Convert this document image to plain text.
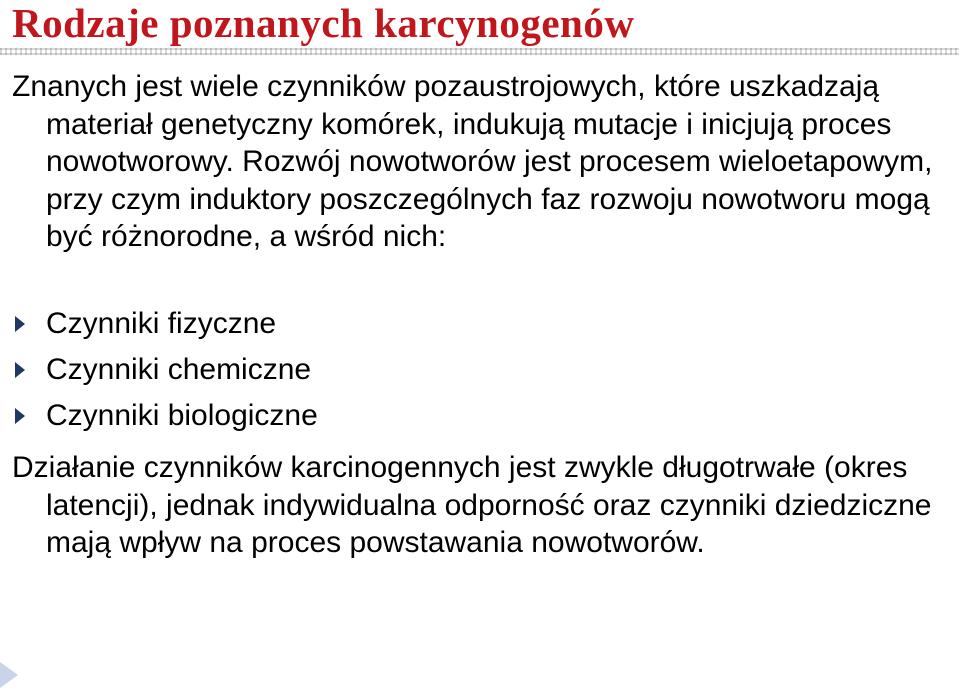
Rodzaje poznanych karcynogenów
Znanych jest wiele czynników pozaustrojowych, które uszkadzają materiał genetyczny komórek, indukują mutacje i inicjują proces nowotworowy. Rozwój nowotworów jest procesem wieloetapowym, przy czym induktory poszczególnych faz rozwoju nowotworu mogą być różnorodne, a wśród nich:
Czynniki fizyczne
Czynniki chemiczne
Czynniki biologiczne
Działanie czynników karcinogennych jest zwykle długotrwałe (okres latencji), jednak indywidualna odporność oraz czynniki dziedziczne mają wpływ na proces powstawania nowotworów.
